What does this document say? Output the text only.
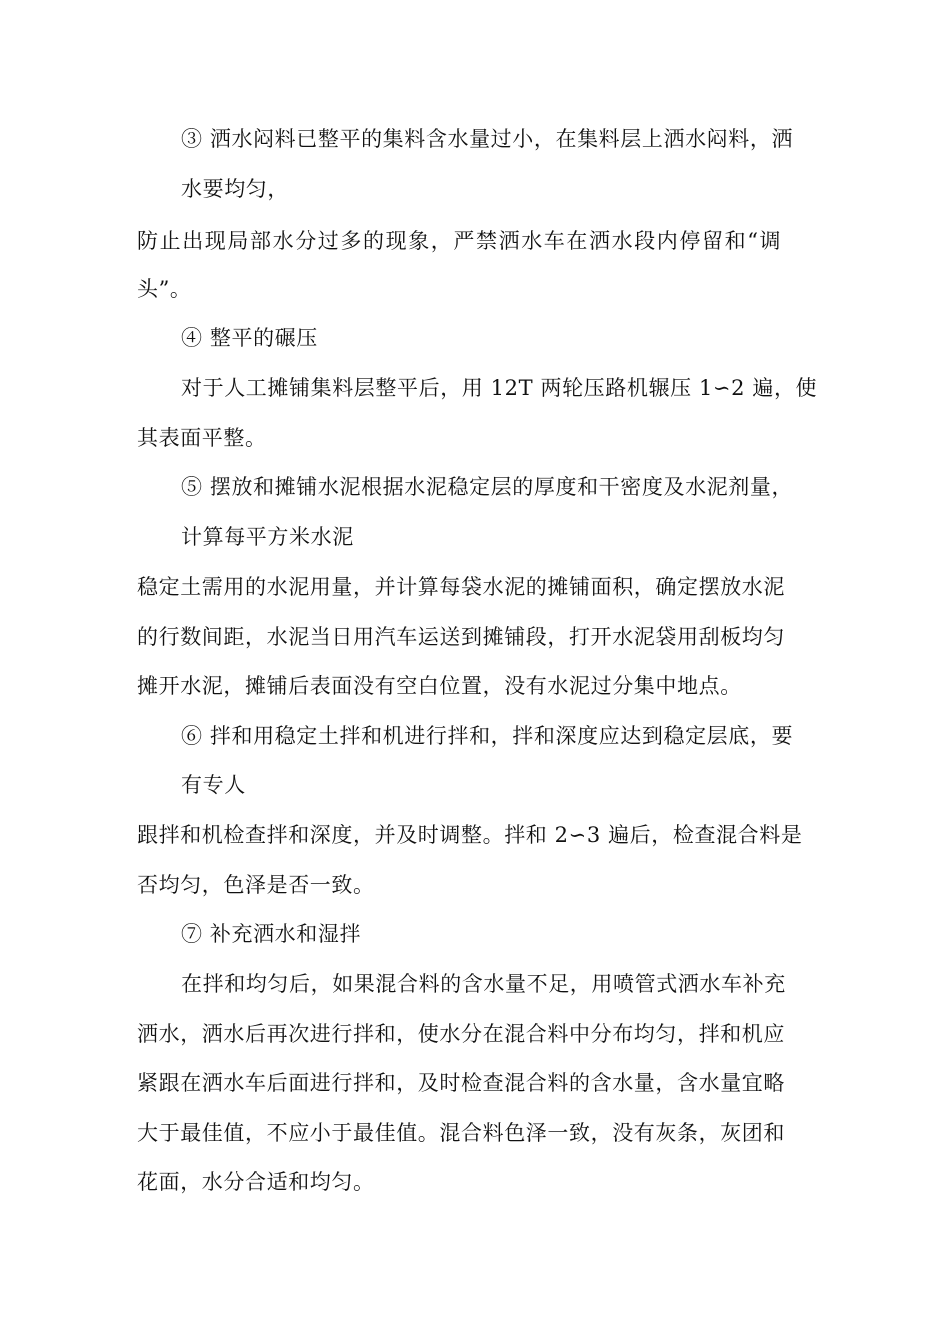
③ 洒水闷料已整平的集料含水量过小，在集料层上洒水闷料，洒
水要均匀，
防止出现局部水分过多的现象，严禁洒水车在洒水段内停留和“调
头”。
④ 整平的碾压
对于人工摊铺集料层整平后，用 12T 两轮压路机辗压 1∽2 遍，使
其表面平整。
⑤ 摆放和摊铺水泥根据水泥稳定层的厚度和干密度及水泥剂量，
计算每平方米水泥
稳定土需用的水泥用量，并计算每袋水泥的摊铺面积，确定摆放水泥
的行数间距，水泥当日用汽车运送到摊铺段，打开水泥袋用刮板均匀
摊开水泥，摊铺后表面没有空白位置，没有水泥过分集中地点。
⑥ 拌和用稳定土拌和机进行拌和，拌和深度应达到稳定层底，要
有专人
跟拌和机检查拌和深度，并及时调整。拌和 2∽3 遍后，检查混合料是
否均匀，色泽是否一致。
⑦ 补充洒水和湿拌
在拌和均匀后，如果混合料的含水量不足，用喷管式洒水车补充
洒水，洒水后再次进行拌和，使水分在混合料中分布均匀，拌和机应
紧跟在洒水车后面进行拌和，及时检查混合料的含水量，含水量宜略
大于最佳值，不应小于最佳值。混合料色泽一致，没有灰条，灰团和
花面，水分合适和均匀。
